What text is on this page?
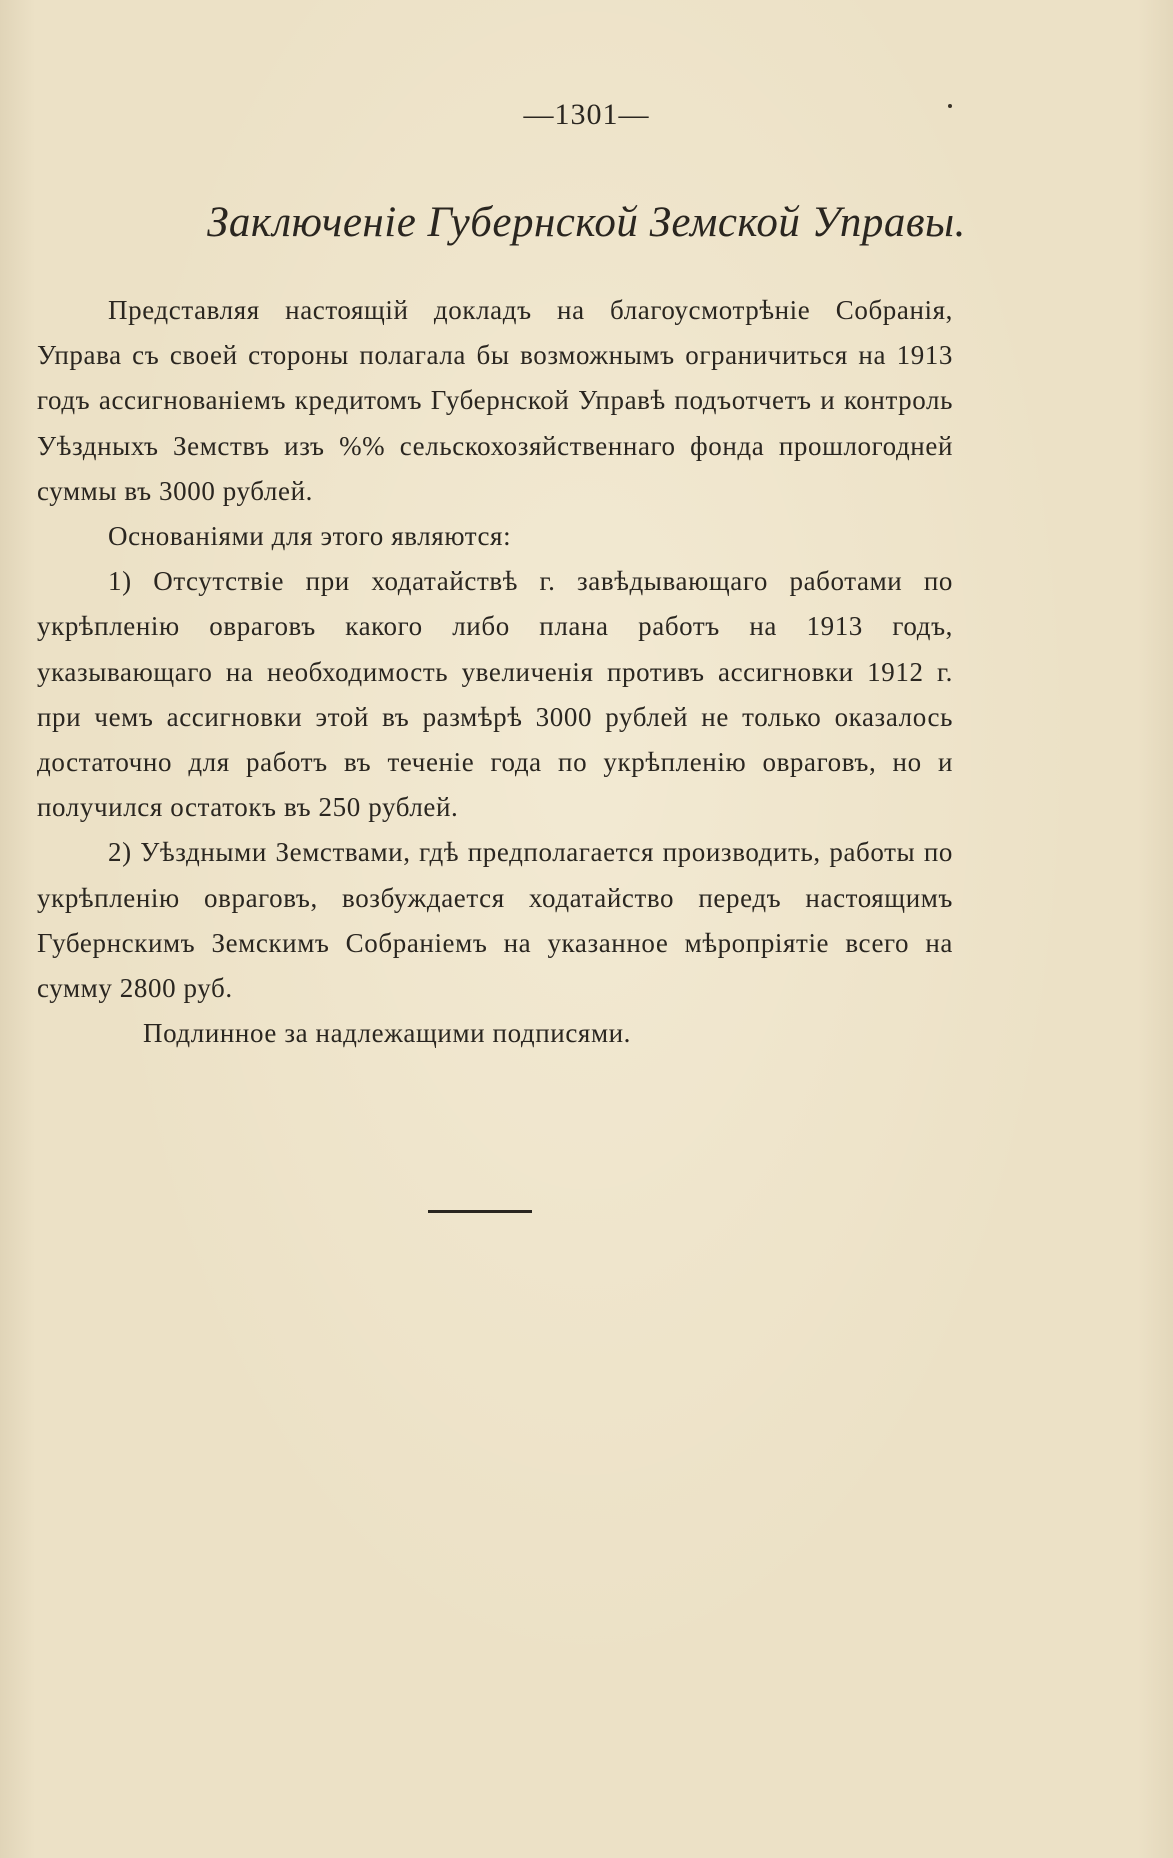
—1301—
Заключеніе Губернской Земской Управы.

Представляя настоящій докладъ на благоусмотрѣніе Собранія, Управа съ своей стороны полагала бы возможнымъ ограничиться на 1913 годъ ассигнованіемъ кредитомъ Губернской Управѣ подъотчетъ и контроль Уѣздныхъ Земствъ изъ %% сельскохозяйственнаго фонда прошлогодней суммы въ 3000 рублей.

Основаніями для этого являются:

1) Отсутствіе при ходатайствѣ г. завѣдывающаго работами по укрѣпленію овраговъ какого либо плана работъ на 1913 годъ, указывающаго на необходимость увеличенія противъ ассигновки 1912 г. при чемъ ассигновки этой въ размѣрѣ 3000 рублей не только оказалось достаточно для работъ въ теченіе года по укрѣпленію овраговъ, но и получился остатокъ въ 250 рублей.

2) Уѣздными Земствами, гдѣ предполагается производить, работы по укрѣпленію овраговъ, возбуждается ходатайство передъ настоящимъ Губернскимъ Земскимъ Собраніемъ на указанное мѣропріятіе всего на сумму 2800 руб.

Подлинное за надлежащими подписями.
